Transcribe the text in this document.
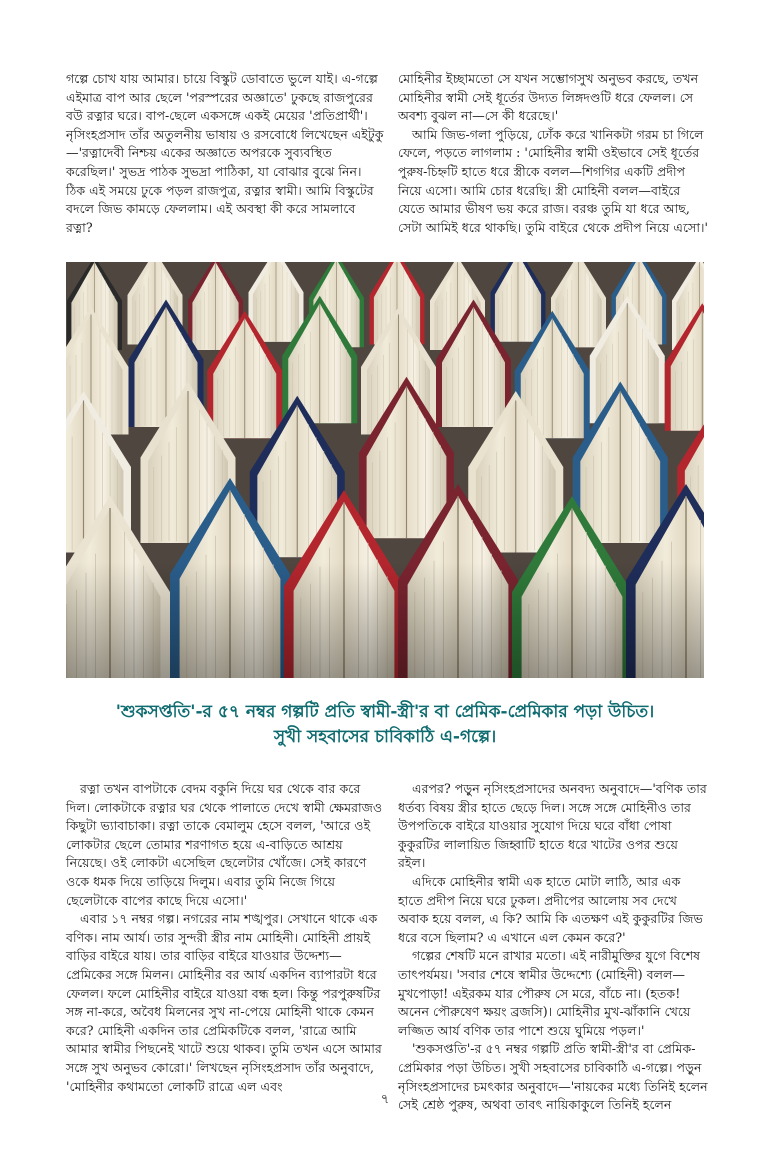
গল্পে চোখ যায় আমার। চায়ে বিস্কুট ডোবাতে ভুলে যাই। এ-গল্পে এইমাত্র বাপ আর ছেলে 'পরস্পরের অজ্ঞাতে' ঢুকছে রাজপুরের বউ রত্নার ঘরে। বাপ-ছেলে একসঙ্গে একই মেয়ের 'প্রতিপ্রার্থী'। নৃসিংহপ্রসাদ তাঁর অতুলনীয় ভাষায় ও রসবোধে লিখেছেন এইটুকু—'রত্নাদেবী নিশ্চয় একের অজ্ঞাতে অপরকে সুব্যবস্থিত করেছিল।' সুভদ্র পাঠক সুভদ্রা পাঠিকা, যা বোঝার বুঝে নিন। ঠিক এই সময়ে ঢুকে পড়ল রাজপুত্র, রত্নার স্বামী। আমি বিস্কুটের বদলে জিভ কামড়ে ফেললাম। এই অবস্থা কী করে সামলাবে রত্না?

মোহিনীর ইচ্ছামতো সে যখন সম্ভোগসুখ অনুভব করছে, তখন মোহিনীর স্বামী সেই ধূর্তের উদ্যত লিঙ্গদণ্ডটি ধরে ফেলল। সে অবশ্য বুঝল না—সে কী ধরেছে।'

আমি জিভ-গলা পুড়িয়ে, ঢোঁক করে খানিকটা গরম চা গিলে ফেলে, পড়তে লাগলাম : 'মোহিনীর স্বামী ওইভাবে সেই ধূর্তের পুরুষ-চিহ্নটি হাতে ধরে স্ত্রীকে বলল—শিগগির একটি প্রদীপ নিয়ে এসো। আমি চোর ধরেছি। স্ত্রী মোহিনী বলল—বাইরে যেতে আমার ভীষণ ভয় করে রাজ। বরঞ্চ তুমি যা ধরে আছ, সেটা আমিই ধরে থাকছি। তুমি বাইরে থেকে প্রদীপ নিয়ে এসো।'

'শুকসপ্ততি'-র ৫৭ নম্বর গল্পটি প্রতি স্বামী-স্ত্রী'র বা প্রেমিক-প্রেমিকার পড়া উচিত।
সুখী সহবাসের চাবিকাঠি এ-গল্পে।

রত্না তখন বাপটাকে বেদম বকুনি দিয়ে ঘর থেকে বার করে দিল। লোকটাকে রত্নার ঘর থেকে পালাতে দেখে স্বামী ক্ষেমরাজও কিছুটা ভ্যাবাচাকা। রত্না তাকে বেমালুম হেসে বলল, 'আরে ওই লোকটার ছেলে তোমার শরণাগত হয়ে এ-বাড়িতে আশ্রয় নিয়েছে। ওই লোকটা এসেছিল ছেলেটার খোঁজে। সেই কারণে ওকে ধমক দিয়ে তাড়িয়ে দিলুম। এবার তুমি নিজে গিয়ে ছেলেটাকে বাপের কাছে দিয়ে এসো।'

এবার ১৭ নম্বর গল্প। নগরের নাম শঙ্খপুর। সেখানে থাকে এক বণিক। নাম আর্য। তার সুন্দরী স্ত্রীর নাম মোহিনী। মোহিনী প্রায়ই বাড়ির বাইরে যায়। তার বাড়ির বাইরে যাওয়ার উদ্দেশ্য—প্রেমিকের সঙ্গে মিলন। মোহিনীর বর আর্য একদিন ব্যাপারটা ধরে ফেলল। ফলে মোহিনীর বাইরে যাওয়া বন্ধ হল। কিন্তু পরপুরুষটির সঙ্গ না-করে, অবৈধ মিলনের সুখ না-পেয়ে মোহিনী থাকে কেমন করে? মোহিনী একদিন তার প্রেমিকটিকে বলল, 'রাত্রে আমি আমার স্বামীর পিছনেই খাটে শুয়ে থাকব। তুমি তখন এসে আমার সঙ্গে সুখ অনুভব কোরো।' লিখছেন নৃসিংহপ্রসাদ তাঁর অনুবাদে, 'মোহিনীর কথামতো লোকটি রাত্রে এল এবং

এরপর? পড়ুন নৃসিংহপ্রসাদের অনবদ্য অনুবাদে—'বণিক তার ধর্তব্য বিষয় স্ত্রীর হাতে ছেড়ে দিল। সঙ্গে সঙ্গে মোহিনীও তার উপপতিকে বাইরে যাওয়ার সুযোগ দিয়ে ঘরে বাঁধা পোষা কুকুরটির লালায়িত জিহ্বাটি হাতে ধরে খাটের ওপর শুয়ে রইল।

এদিকে মোহিনীর স্বামী এক হাতে মোটা লাঠি, আর এক হাতে প্রদীপ নিয়ে ঘরে ঢুকল। প্রদীপের আলোয় সব দেখে অবাক হয়ে বলল, এ কি? আমি কি এতক্ষণ এই কুকুরটির জিভ ধরে বসে ছিলাম? এ এখানে এল কেমন করে?'

গল্পের শেষটি মনে রাখার মতো। এই নারীমুক্তির যুগে বিশেষ তাৎপর্যময়। 'সবার শেষে স্বামীর উদ্দেশ্যে (মোহিনী) বলল—মুখপোড়া! এইরকম যার পৌরুষ সে মরে, বাঁচে না। (হতক! অনেন পৌরুষেণ ক্ষয়ং ব্রজসি)। মোহিনীর মুখ-ঝাঁকানি খেয়ে লজ্জিত আর্য বণিক তার পাশে শুয়ে ঘুমিয়ে পড়ল।'

'শুকসপ্ততি'-র ৫৭ নম্বর গল্পটি প্রতি স্বামী-স্ত্রী'র বা প্রেমিক-প্রেমিকার পড়া উচিত। সুখী সহবাসের চাবিকাঠি এ-গল্পে। পড়ুন নৃসিংহপ্রসাদের চমৎকার অনুবাদে—'নায়কের মধ্যে তিনিই হলেন সেই শ্রেষ্ঠ পুরুষ, অথবা তাবৎ নায়িকাকুলে তিনিই হলেন

৭
